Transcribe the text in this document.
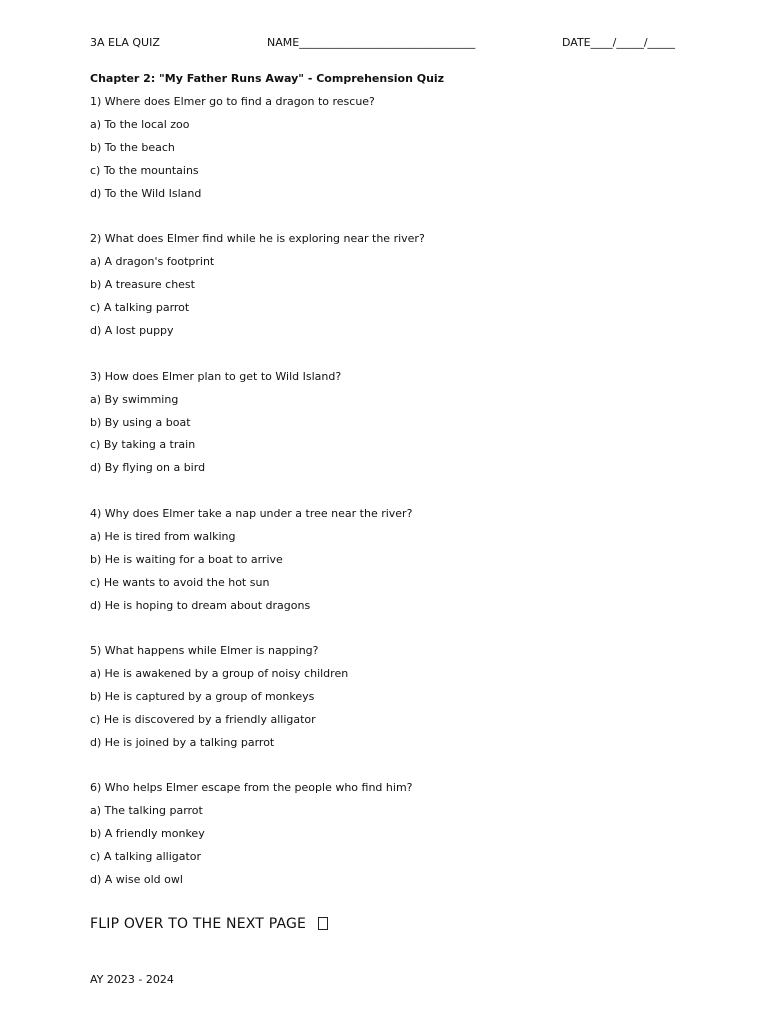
3A ELA QUIZ	NAME________________________________	DATE____/_____/_____
Chapter 2: "My Father Runs Away" - Comprehension Quiz
1) Where does Elmer go to find a dragon to rescue?
a) To the local zoo
b) To the beach
c) To the mountains
d) To the Wild Island
2) What does Elmer find while he is exploring near the river?
a) A dragon's footprint
b) A treasure chest
c) A talking parrot
d) A lost puppy
3) How does Elmer plan to get to Wild Island?
a) By swimming
b) By using a boat
c) By taking a train
d) By flying on a bird
4) Why does Elmer take a nap under a tree near the river?
a) He is tired from walking
b) He is waiting for a boat to arrive
c) He wants to avoid the hot sun
d) He is hoping to dream about dragons
5) What happens while Elmer is napping?
a) He is awakened by a group of noisy children
b) He is captured by a group of monkeys
c) He is discovered by a friendly alligator
d) He is joined by a talking parrot
6) Who helps Elmer escape from the people who find him?
a) The talking parrot
b) A friendly monkey
c) A talking alligator
d) A wise old owl
FLIP OVER TO THE NEXT PAGE
AY 2023 - 2024
